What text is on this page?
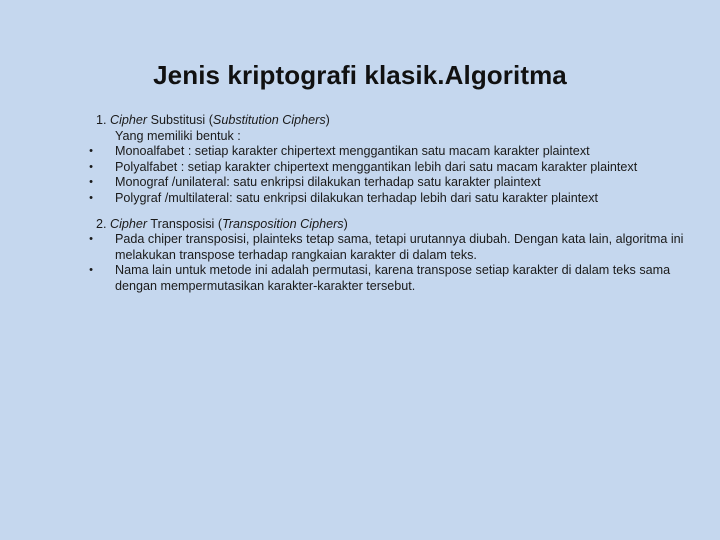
Jenis kriptografi klasik.Algoritma
1. Cipher Substitusi (Substitution Ciphers)
Yang memiliki bentuk :
• Monoalfabet : setiap karakter chipertext menggantikan satu macam karakter plaintext
• Polyalfabet : setiap karakter chipertext menggantikan lebih dari satu macam karakter plaintext
• Monograf /unilateral: satu enkripsi dilakukan terhadap satu karakter plaintext
• Polygraf /multilateral: satu enkripsi dilakukan terhadap lebih dari satu karakter plaintext
2. Cipher Transposisi (Transposition Ciphers)
• Pada chiper transposisi, plainteks tetap sama, tetapi urutannya diubah. Dengan kata lain, algoritma ini melakukan transpose terhadap rangkaian karakter di dalam teks.
• Nama lain untuk metode ini adalah permutasi, karena transpose setiap karakter di dalam teks sama dengan mempermutasikan karakter-karakter tersebut.
